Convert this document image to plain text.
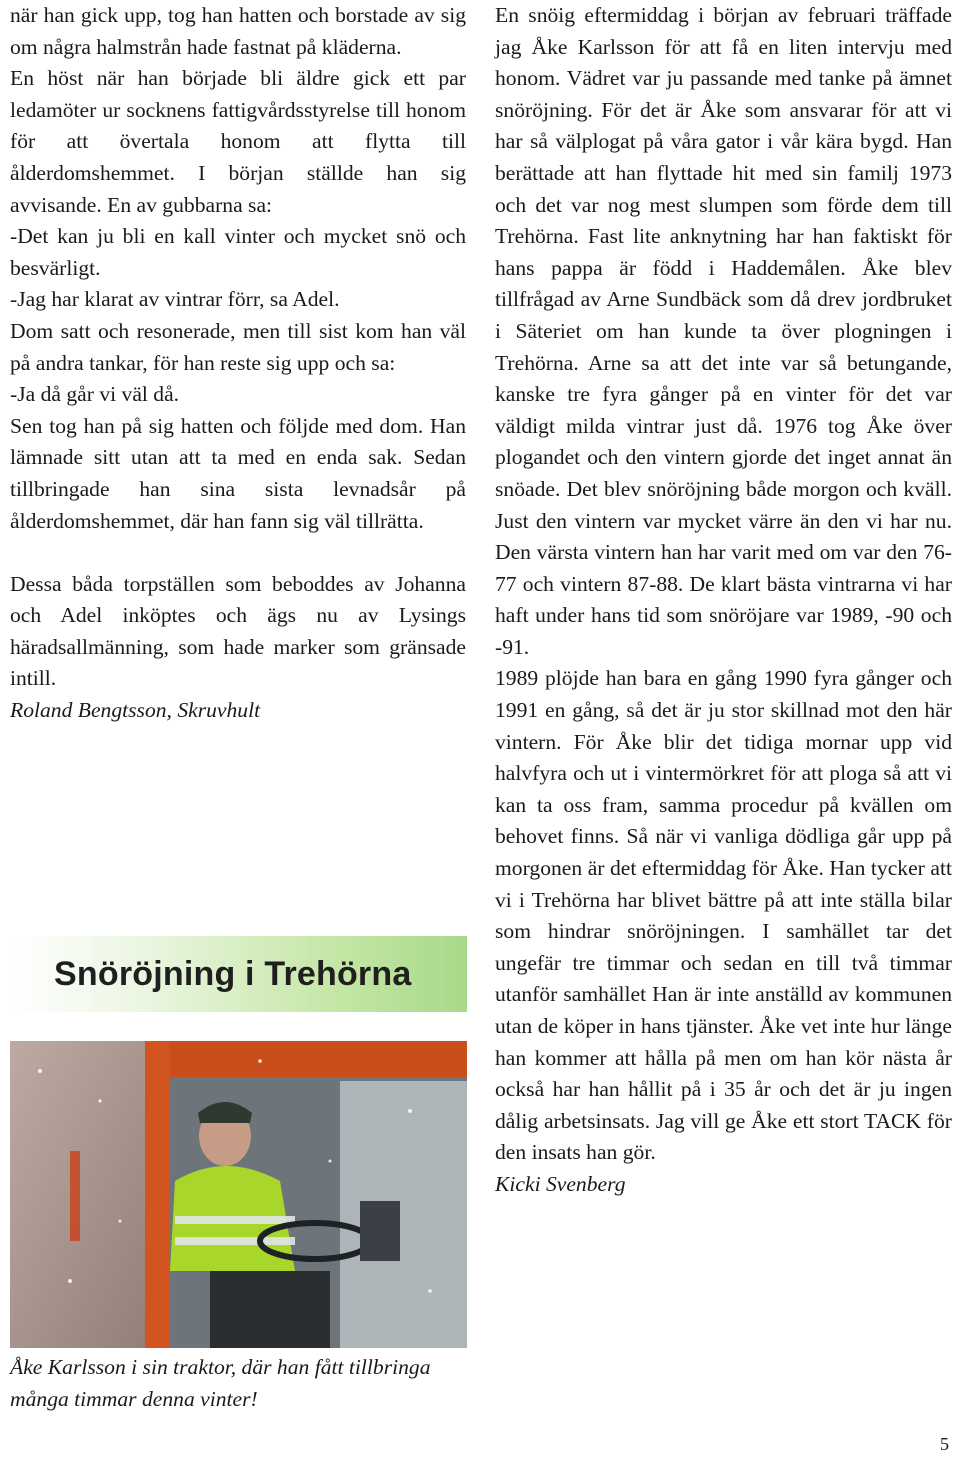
när han gick upp, tog han hatten och borstade av sig om några halmstrån hade fastnat på kläderna.

En höst när han började bli äldre gick ett par ledamöter ur socknens fattigvårdsstyrelse till honom för att övertala honom att flytta till ålderdomshemmet. I början ställde han sig avvisande. En av gubbarna sa:

-Det kan ju bli en kall vinter och mycket snö och besvärligt.

-Jag har klarat av vintrar förr, sa Adel.

Dom satt och resonerade, men till sist kom han väl på andra tankar, för han reste sig upp och sa:

-Ja då går vi väl då.

Sen tog han på sig hatten och följde med dom. Han lämnade sitt utan att ta med en enda sak. Sedan tillbringade han sina sista levnadsår på ålderdomshemmet, där han fann sig väl tillrätta.

Dessa båda torpställen som beboddes av Johanna och Adel inköptes och ägs nu av Lysings häradsallmänning, som hade marker som gränsade intill.

Roland Bengtsson, Skruvhult

Snöröjning i Trehörna
Åke Karlsson i sin traktor, där han fått tillbringa många timmar denna vinter!

En snöig eftermiddag i början av februari träffade jag Åke Karlsson för att få en liten intervju med honom. Vädret var ju passande med tanke på ämnet snöröjning. För det är Åke som ansvarar för att vi har så välplogat på våra gator i vår kära bygd. Han berättade att han flyttade hit med sin familj 1973 och det var nog mest slumpen som förde dem till Trehörna. Fast lite anknytning har han faktiskt för hans pappa är född i Haddemålen. Åke blev tillfrågad av Arne Sundbäck som då drev jordbruket i Säteriet om han kunde ta över plogningen i Trehörna. Arne sa att det inte var så betungande, kanske tre fyra gånger på en vinter för det var väldigt milda vintrar just då. 1976 tog Åke över plogandet och den vintern gjorde det inget annat än snöade. Det blev snöröjning både morgon och kväll. Just den vintern var mycket värre än den vi har nu. Den värsta vintern han har varit med om var den 76-77 och vintern 87-88. De klart bästa vintrarna vi har haft under hans tid som snöröjare var 1989, -90 och -91.

1989 plöjde han bara en gång 1990 fyra gånger och 1991 en gång, så det är ju stor skillnad mot den här vintern. För Åke blir det tidiga mornar upp vid halvfyra och ut i vintermörkret för att ploga så att vi kan ta oss fram, samma procedur på kvällen om behovet finns. Så när vi vanliga dödliga går upp på morgonen är det eftermiddag för Åke. Han tycker att vi i Trehörna har blivet bättre på att inte ställa bilar som hindrar snöröjningen. I samhället tar det ungefär tre timmar och sedan en till två timmar utanför samhället Han är inte anställd av kommunen utan de köper in hans tjänster. Åke vet inte hur länge han kommer att hålla på men om han kör nästa år också har han hållit på i 35 år och det är ju ingen dålig arbetsinsats. Jag vill ge Åke ett stort TACK för den insats han gör.

Kicki Svenberg

5
